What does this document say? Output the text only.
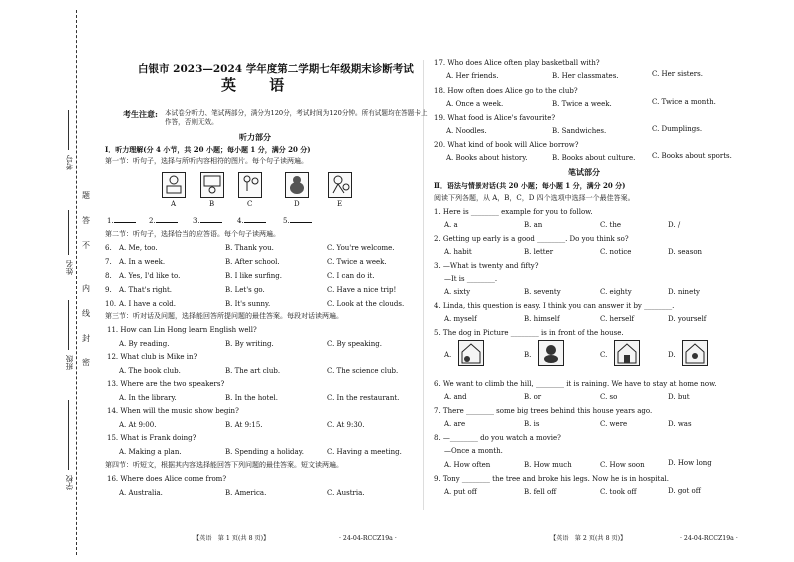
考号
姓名
班级
学校
题
答
不
内
线
封
密
白银市 2023—2024 学年度第二学期七年级期末诊断考试
英 语
考生注意: 本试卷分听力、笔试两部分，满分为120分，考试时间为120分钟。所有试题均在答题卡上作答，否则无效。
听力部分
Ⅰ．听力理解(分 4 小节，共 20 小题；每小题 1 分，满分 20 分)
第一节：听句子，选择与所听内容相符的图片。每个句子读两遍。
A	B	C	D	E
1.	2.	3.	4.	5.
第二节：听句子，选择恰当的应答语。每个句子读两遍。
6. A. Me, too.	B. Thank you.	C. You're welcome.
7. A. In a week.	B. After school.	C. Twice a week.
8. A. Yes, I'd like to.	B. I like surfing.	C. I can do it.
9. A. That's right.	B. Let's go.	C. Have a nice trip!
10. A. I have a cold.	B. It's sunny.	C. Look at the clouds.
第三节：听对话及问题，选择能回答所提问题的最佳答案。每段对话读两遍。
11. How can Lin Hong learn English well?
A. By reading.	B. By writing.	C. By speaking.
12. What club is Mike in?
A. The book club.	B. The art club.	C. The science club.
13. Where are the two speakers?
A. In the library.	B. In the hotel.	C. In the restaurant.
14. When will the music show begin?
A. At 9:00.	B. At 9:15.	C. At 9:30.
15. What is Frank doing?
A. Making a plan.	B. Spending a holiday.	C. Having a meeting.
第四节：听短文，根据其内容选择能回答下列问题的最佳答案。短文读两遍。
16. Where does Alice come from?
A. Australia.	B. America.	C. Austria.
【英语　第 1 页(共 8 页)】	· 24-04-RCCZ19a ·
17. Who does Alice often play basketball with?
A. Her friends.	B. Her classmates.	C. Her sisters.
18. How often does Alice go to the club?
A. Once a week.	B. Twice a week.	C. Twice a month.
19. What food is Alice's favourite?
A. Noodles.	B. Sandwiches.	C. Dumplings.
20. What kind of book will Alice borrow?
A. Books about history.	B. Books about culture. C. Books about sports.
笔试部分
Ⅱ．语法与情景对话(共 20 小题；每小题 1 分，满分 20 分)
阅读下列各题，从 A，B，C，D 四个选项中选择一个最佳答案。
1. Here is ________ example for you to follow.
A. a	B. an	C. the	D. /
2. Getting up early is a good ________. Do you think so?
A. habit	B. letter	C. notice	D. season
3. —What is twenty and fifty?
—It is ________.
A. sixty	B. seventy	C. eighty	D. ninety
4. Linda, this question is easy. I think you can answer it by ________.
A. myself	B. himself	C. herself	D. yourself
5. The dog in Picture ________ is in front of the house.
A.	B.	C.	D.
6. We want to climb the hill, ________ it is raining. We have to stay at home now.
A. and	B. or	C. so	D. but
7. There ________ some big trees behind this house years ago.
A. are	B. is	C. were	D. was
8. —________ do you watch a movie?
—Once a month.
A. How often	B. How much	C. How soon	D. How long
9. Tony ________ the tree and broke his legs. Now he is in hospital.
A. put off	B. fell off	C. took off	D. got off
【英语　第 2 页(共 8 页)】	· 24-04-RCCZ19a ·
